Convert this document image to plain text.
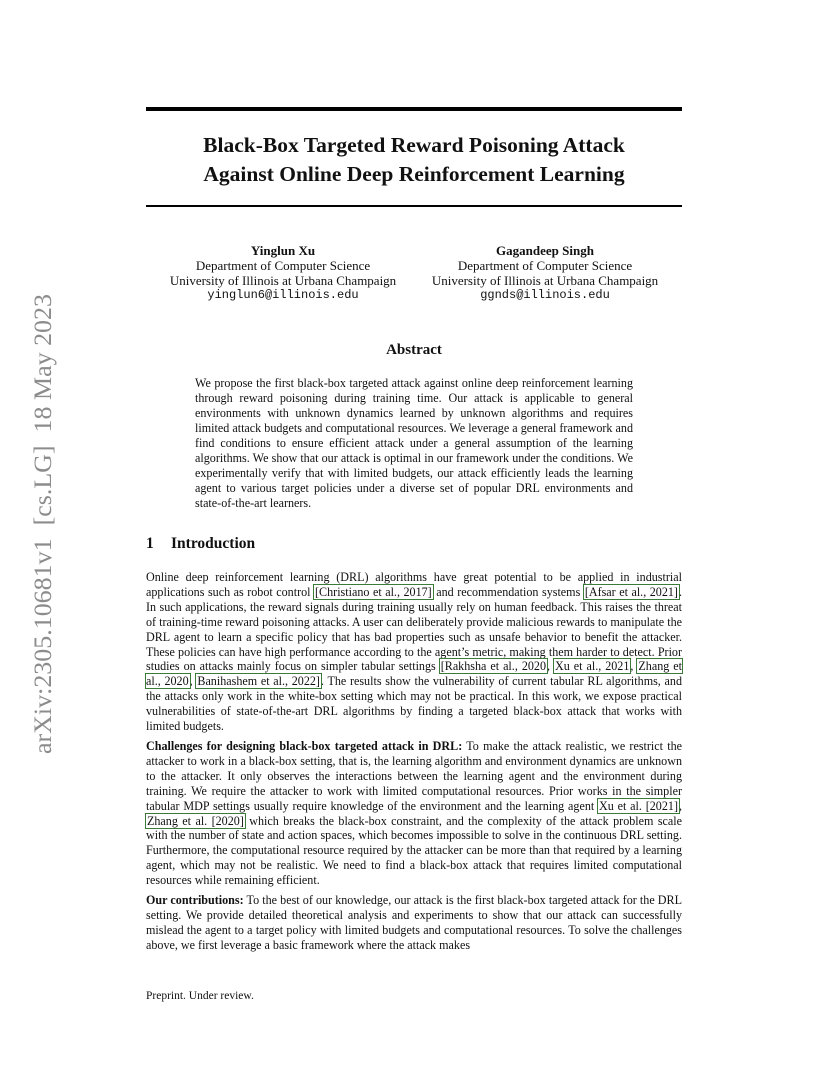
arXiv:2305.10681v1  [cs.LG]  18 May 2023
Black-Box Targeted Reward Poisoning Attack
Against Online Deep Reinforcement Learning
Yinglun Xu
Department of Computer Science
University of Illinois at Urbana Champaign
yinglun6@illinois.edu
Gagandeep Singh
Department of Computer Science
University of Illinois at Urbana Champaign
ggnds@illinois.edu
Abstract

We propose the first black-box targeted attack against online deep reinforcement learning through reward poisoning during training time. Our attack is applicable to general environments with unknown dynamics learned by unknown algorithms and requires limited attack budgets and computational resources. We leverage a general framework and find conditions to ensure efficient attack under a general assumption of the learning algorithms. We show that our attack is optimal in our framework under the conditions. We experimentally verify that with limited budgets, our attack efficiently leads the learning agent to various target policies under a diverse set of popular DRL environments and state-of-the-art learners.

1 Introduction

Online deep reinforcement learning (DRL) algorithms have great potential to be applied in industrial applications such as robot control [Christiano et al., 2017] and recommendation systems [Afsar et al., 2021]. In such applications, the reward signals during training usually rely on human feedback. This raises the threat of training-time reward poisoning attacks. A user can deliberately provide malicious rewards to manipulate the DRL agent to learn a specific policy that has bad properties such as unsafe behavior to benefit the attacker. These policies can have high performance according to the agent’s metric, making them harder to detect. Prior studies on attacks mainly focus on simpler tabular settings [Rakhsha et al., 2020, Xu et al., 2021, Zhang et al., 2020, Banihashem et al., 2022]. The results show the vulnerability of current tabular RL algorithms, and the attacks only work in the white-box setting which may not be practical. In this work, we expose practical vulnerabilities of state-of-the-art DRL algorithms by finding a targeted black-box attack that works with limited budgets.

Challenges for designing black-box targeted attack in DRL: To make the attack realistic, we restrict the attacker to work in a black-box setting, that is, the learning algorithm and environment dynamics are unknown to the attacker. It only observes the interactions between the learning agent and the environment during training. We require the attacker to work with limited computational resources. Prior works in the simpler tabular MDP settings usually require knowledge of the environment and the learning agent Xu et al. [2021], Zhang et al. [2020] which breaks the black-box constraint, and the complexity of the attack problem scale with the number of state and action spaces, which becomes impossible to solve in the continuous DRL setting. Furthermore, the computational resource required by the attacker can be more than that required by a learning agent, which may not be realistic. We need to find a black-box attack that requires limited computational resources while remaining efficient.

Our contributions: To the best of our knowledge, our attack is the first black-box targeted attack for the DRL setting. We provide detailed theoretical analysis and experiments to show that our attack can successfully mislead the agent to a target policy with limited budgets and computational resources. To solve the challenges above, we first leverage a basic framework where the attack makes

Preprint. Under review.
